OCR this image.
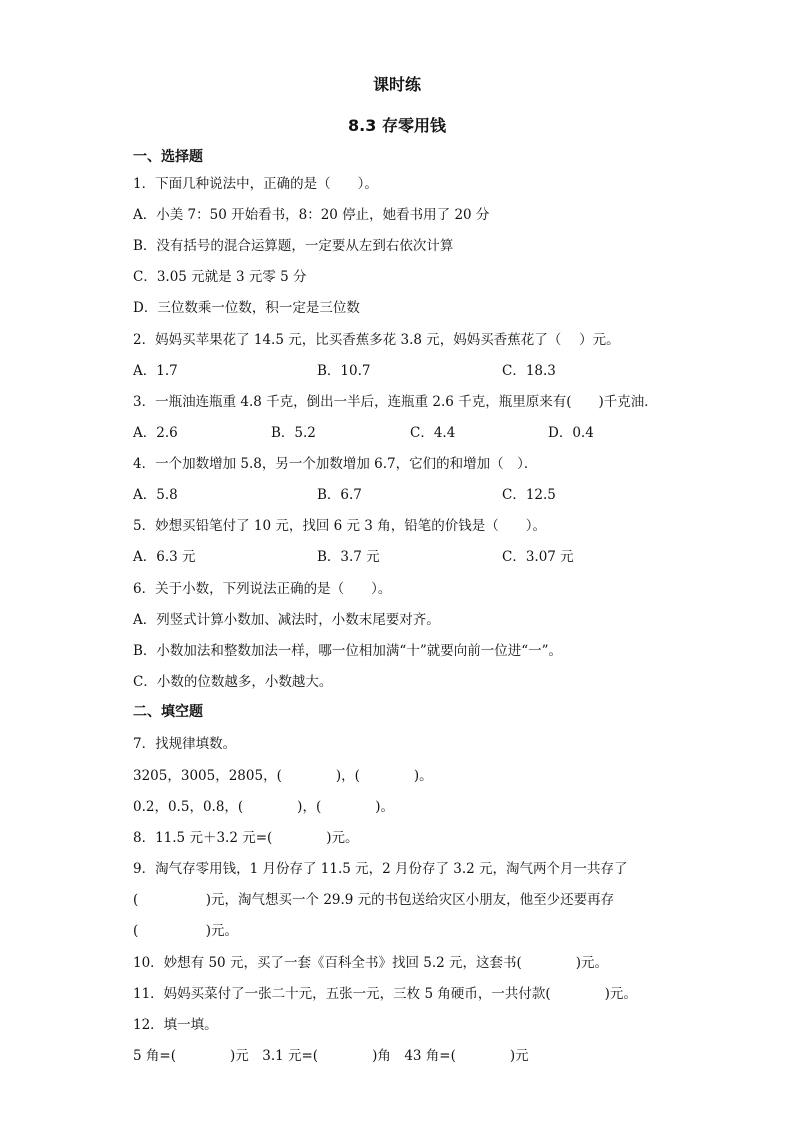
课时练
8.3 存零用钱
一、选择题
1．下面几种说法中，正确的是（　　）。
A．小美 7：50 开始看书，8：20 停止，她看书用了 20 分
B．没有括号的混合运算题，一定要从左到右依次计算
C．3.05 元就是 3 元零 5 分
D．三位数乘一位数，积一定是三位数
2．妈妈买苹果花了 14.5 元，比买香蕉多花 3.8 元，妈妈买香蕉花了（　 ）元。
A．1.7	B．10.7	C．18.3
3．一瓶油连瓶重 4.8 千克，倒出一半后，连瓶重 2.6 千克，瓶里原来有(　　)千克油．
A．2.6	B．5.2	C．4.4	D．0.4
4．一个加数增加 5.8，另一个加数增加 6.7，它们的和增加（　）．
A．5.8	B．6.7	C．12.5
5．妙想买铅笔付了 10 元，找回 6 元 3 角，铅笔的价钱是（　　）。
A．6.3 元	B．3.7 元	C．3.07 元
6．关于小数，下列说法正确的是（　　）。
A．列竖式计算小数加、减法时，小数末尾要对齐。
B．小数加法和整数加法一样，哪一位相加满“十”就要向前一位进“一”。
C．小数的位数越多，小数越大。
二、填空题
7．找规律填数。
3205，3005，2805，(　　　　)，(　　　　)。
0.2，0.5，0.8，(　　　　)，(　　　　)。
8．11.5 元＋3.2 元=(　　　　)元。
9．淘气存零用钱，1 月份存了 11.5 元，2 月份存了 3.2 元，淘气两个月一共存了
(　　　　　)元，淘气想买一个 29.9 元的书包送给灾区小朋友，他至少还要再存
(　　　　　)元。
10．妙想有 50 元，买了一套《百科全书》找回 5.2 元，这套书(　　　　)元。
11．妈妈买菜付了一张二十元，五张一元，三枚 5 角硬币，一共付款(　　　　)元。
12．填一填。
5 角=(　　　　)元　3.1 元=(　　　　)角　43 角=(　　　　)元
